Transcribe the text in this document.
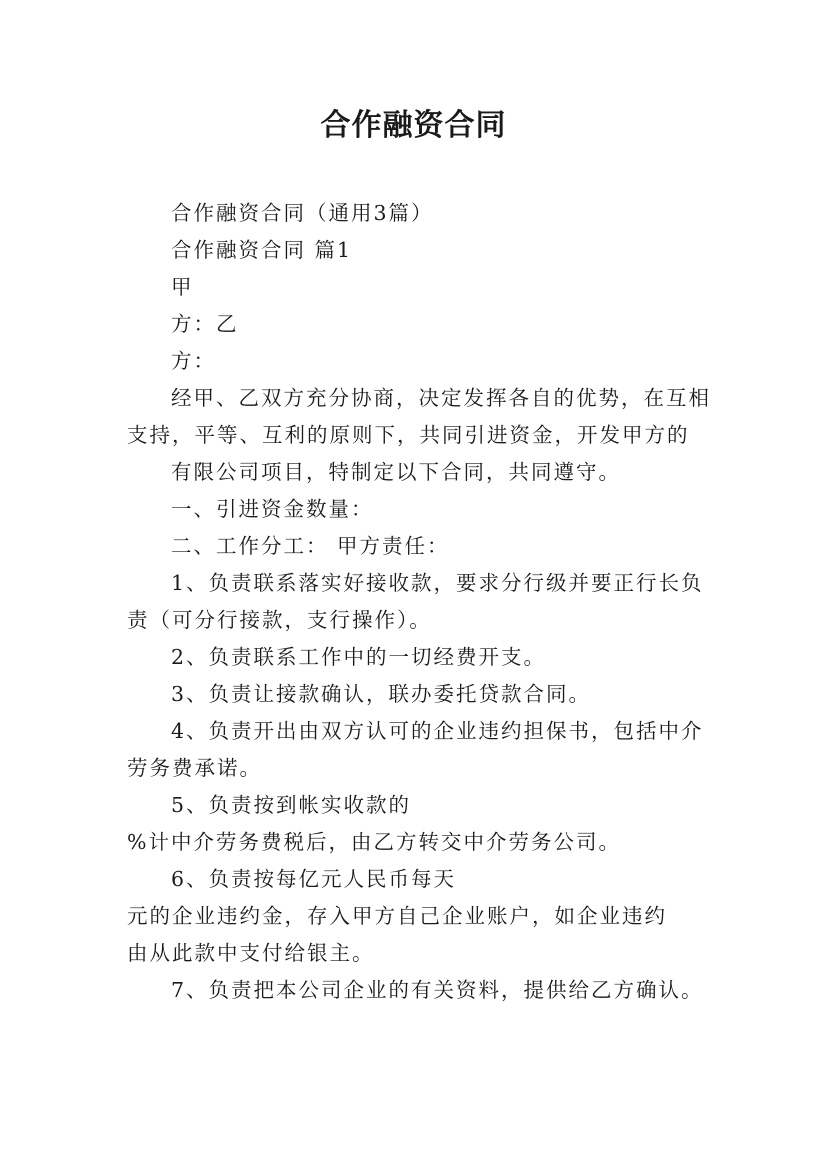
合作融资合同
合作融资合同（通用3篇）
合作融资合同 篇1
甲
方：乙
方：
经甲、乙双方充分协商，决定发挥各自的优势，在互相
支持，平等、互利的原则下，共同引进资金，开发甲方的
有限公司项目，特制定以下合同，共同遵守。
一、引进资金数量：
二、工作分工： 甲方责任：
1、负责联系落实好接收款，要求分行级并要正行长负
责（可分行接款，支行操作）。
2、负责联系工作中的一切经费开支。
3、负责让接款确认，联办委托贷款合同。
4、负责开出由双方认可的企业违约担保书，包括中介
劳务费承诺。
5、负责按到帐实收款的
%计中介劳务费税后，由乙方转交中介劳务公司。
6、负责按每亿元人民币每天
元的企业违约金，存入甲方自己企业账户，如企业违约
由从此款中支付给银主。
7、负责把本公司企业的有关资料，提供给乙方确认。
